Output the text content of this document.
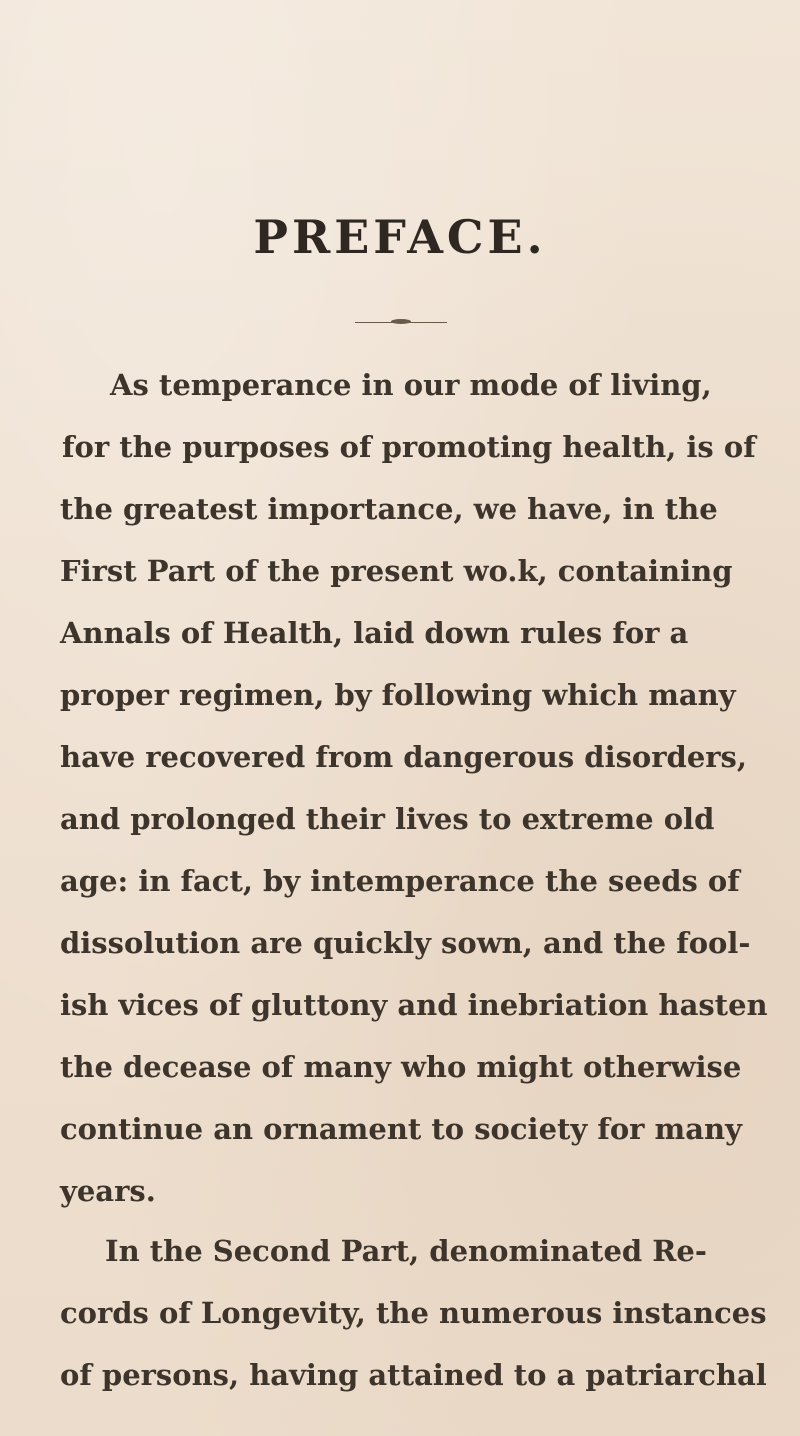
PREFACE.
As temperance in our mode of living,
for the purposes of promoting health, is of
the greatest importance, we have, in the
First Part of the present wo.k, containing
Annals of Health, laid down rules for a
proper regimen, by following which many
have recovered from dangerous disorders,
and prolonged their lives to extreme old
age: in fact, by intemperance the seeds of
dissolution are quickly sown, and the fool-
ish vices of gluttony and inebriation hasten
the decease of many who might otherwise
continue an ornament to society for many
years.
In the Second Part, denominated Re-
cords of Longevity, the numerous instances
of persons, having attained to a patriarchal
